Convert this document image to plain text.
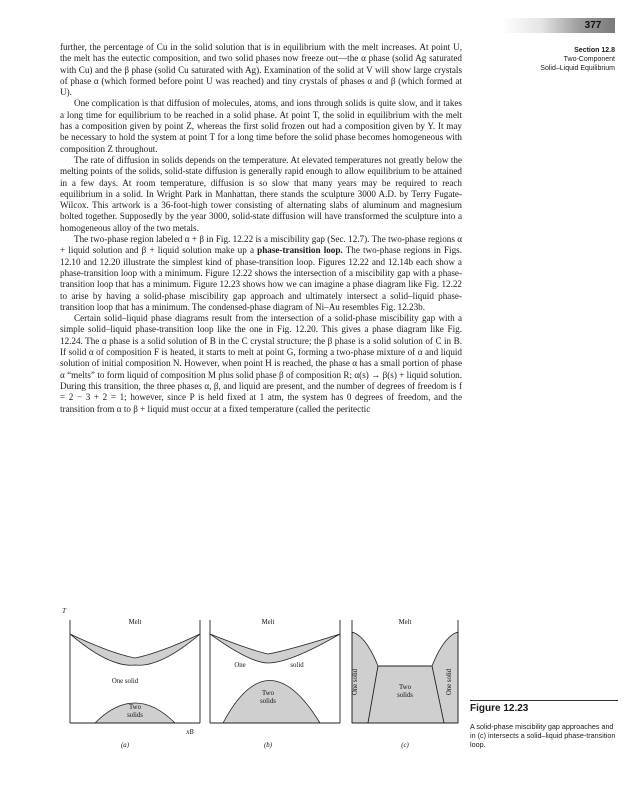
377
Section 12.8
Two-Component
Solid–Liquid Equilibrium

further, the percentage of Cu in the solid solution that is in equilibrium with the melt increases. At point U, the melt has the eutectic composition, and two solid phases now freeze out—the α phase (solid Ag saturated with Cu) and the β phase (solid Cu saturated with Ag). Examination of the solid at V will show large crystals of phase α (which formed before point U was reached) and tiny crystals of phases α and β (which formed at U).

One complication is that diffusion of molecules, atoms, and ions through solids is quite slow, and it takes a long time for equilibrium to be reached in a solid phase. At point T, the solid in equilibrium with the melt has a composition given by point Z, whereas the first solid frozen out had a composition given by Y. It may be necessary to hold the system at point T for a long time before the solid phase becomes homogeneous with composition Z throughout.

The rate of diffusion in solids depends on the temperature. At elevated temperatures not greatly below the melting points of the solids, solid-state diffusion is generally rapid enough to allow equilibrium to be attained in a few days. At room temperature, diffusion is so slow that many years may be required to reach equilibrium in a solid. In Wright Park in Manhattan, there stands the sculpture 3000 A.D. by Terry Fugate-Wilcox. This artwork is a 36-foot-high tower consisting of alternating slabs of aluminum and magnesium bolted together. Supposedly by the year 3000, solid-state diffusion will have transformed the sculpture into a homogeneous alloy of the two metals.

The two-phase region labeled α + β in Fig. 12.22 is a miscibility gap (Sec. 12.7). The two-phase regions α + liquid solution and β + liquid solution make up a phase-transition loop. The two-phase regions in Figs. 12.10 and 12.20 illustrate the simplest kind of phase-transition loop. Figures 12.22 and 12.14b each show a phase-transition loop with a minimum. Figure 12.22 shows the intersection of a miscibility gap with a phase-transition loop that has a minimum. Figure 12.23 shows how we can imagine a phase diagram like Fig. 12.22 to arise by having a solid-phase miscibility gap approach and ultimately intersect a solid–liquid phase-transition loop that has a minimum. The condensed-phase diagram of Ni–Au resembles Fig. 12.23b.

Certain solid–liquid phase diagrams result from the intersection of a solid-phase miscibility gap with a simple solid–liquid phase-transition loop like the one in Fig. 12.20. This gives a phase diagram like Fig. 12.24. The α phase is a solid solution of B in the C crystal structure; the β phase is a solid solution of C in B. If solid α of composition F is heated, it starts to melt at point G, forming a two-phase mixture of α and liquid solution of initial composition N. However, when point H is reached, the phase α has a small portion of phase α “melts” to form liquid of composition M plus solid phase β of composition R; α(s) → β(s) + liquid solution. During this transition, the three phases α, β, and liquid are present, and the number of degrees of freedom is f = 2 − 3 + 2 = 1; however, since P is held fixed at 1 atm, the system has 0 degrees of freedom, and the transition from α to β + liquid must occur at a fixed temperature (called the peritectic

T
xB
Melt
One solid
Two
solids
(a)
Melt
One	solid
Two
solids
(b)
Melt
One solid	One solid
Two
solids
(c)
Figure 12.23
A solid-phase miscibility gap approaches and in (c) intersects a solid–liquid phase-transition loop.
